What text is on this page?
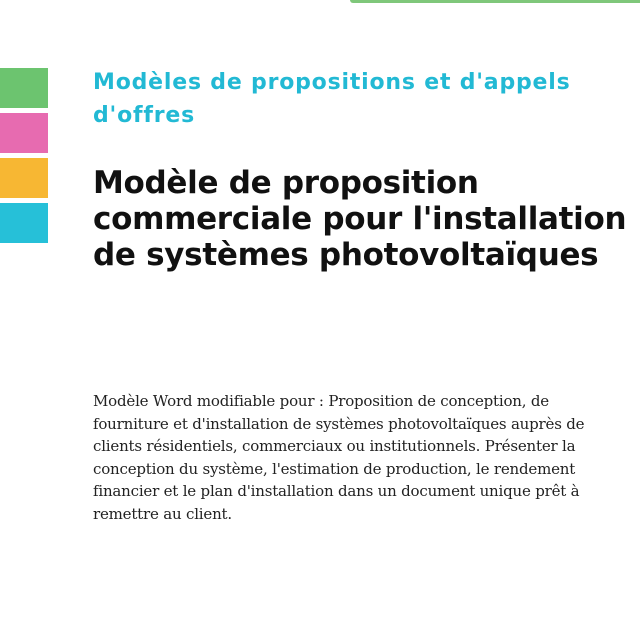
Modèles de propositions et d'appels d'offres
Modèle de proposition commerciale pour l'installation de systèmes photovoltaïques

Modèle Word modifiable pour : Proposition de conception, de fourniture et d'installation de systèmes photovoltaïques auprès de clients résidentiels, commerciaux ou institutionnels. Présenter la conception du système, l'estimation de production, le rendement financier et le plan d'installation dans un document unique prêt à remettre au client.
